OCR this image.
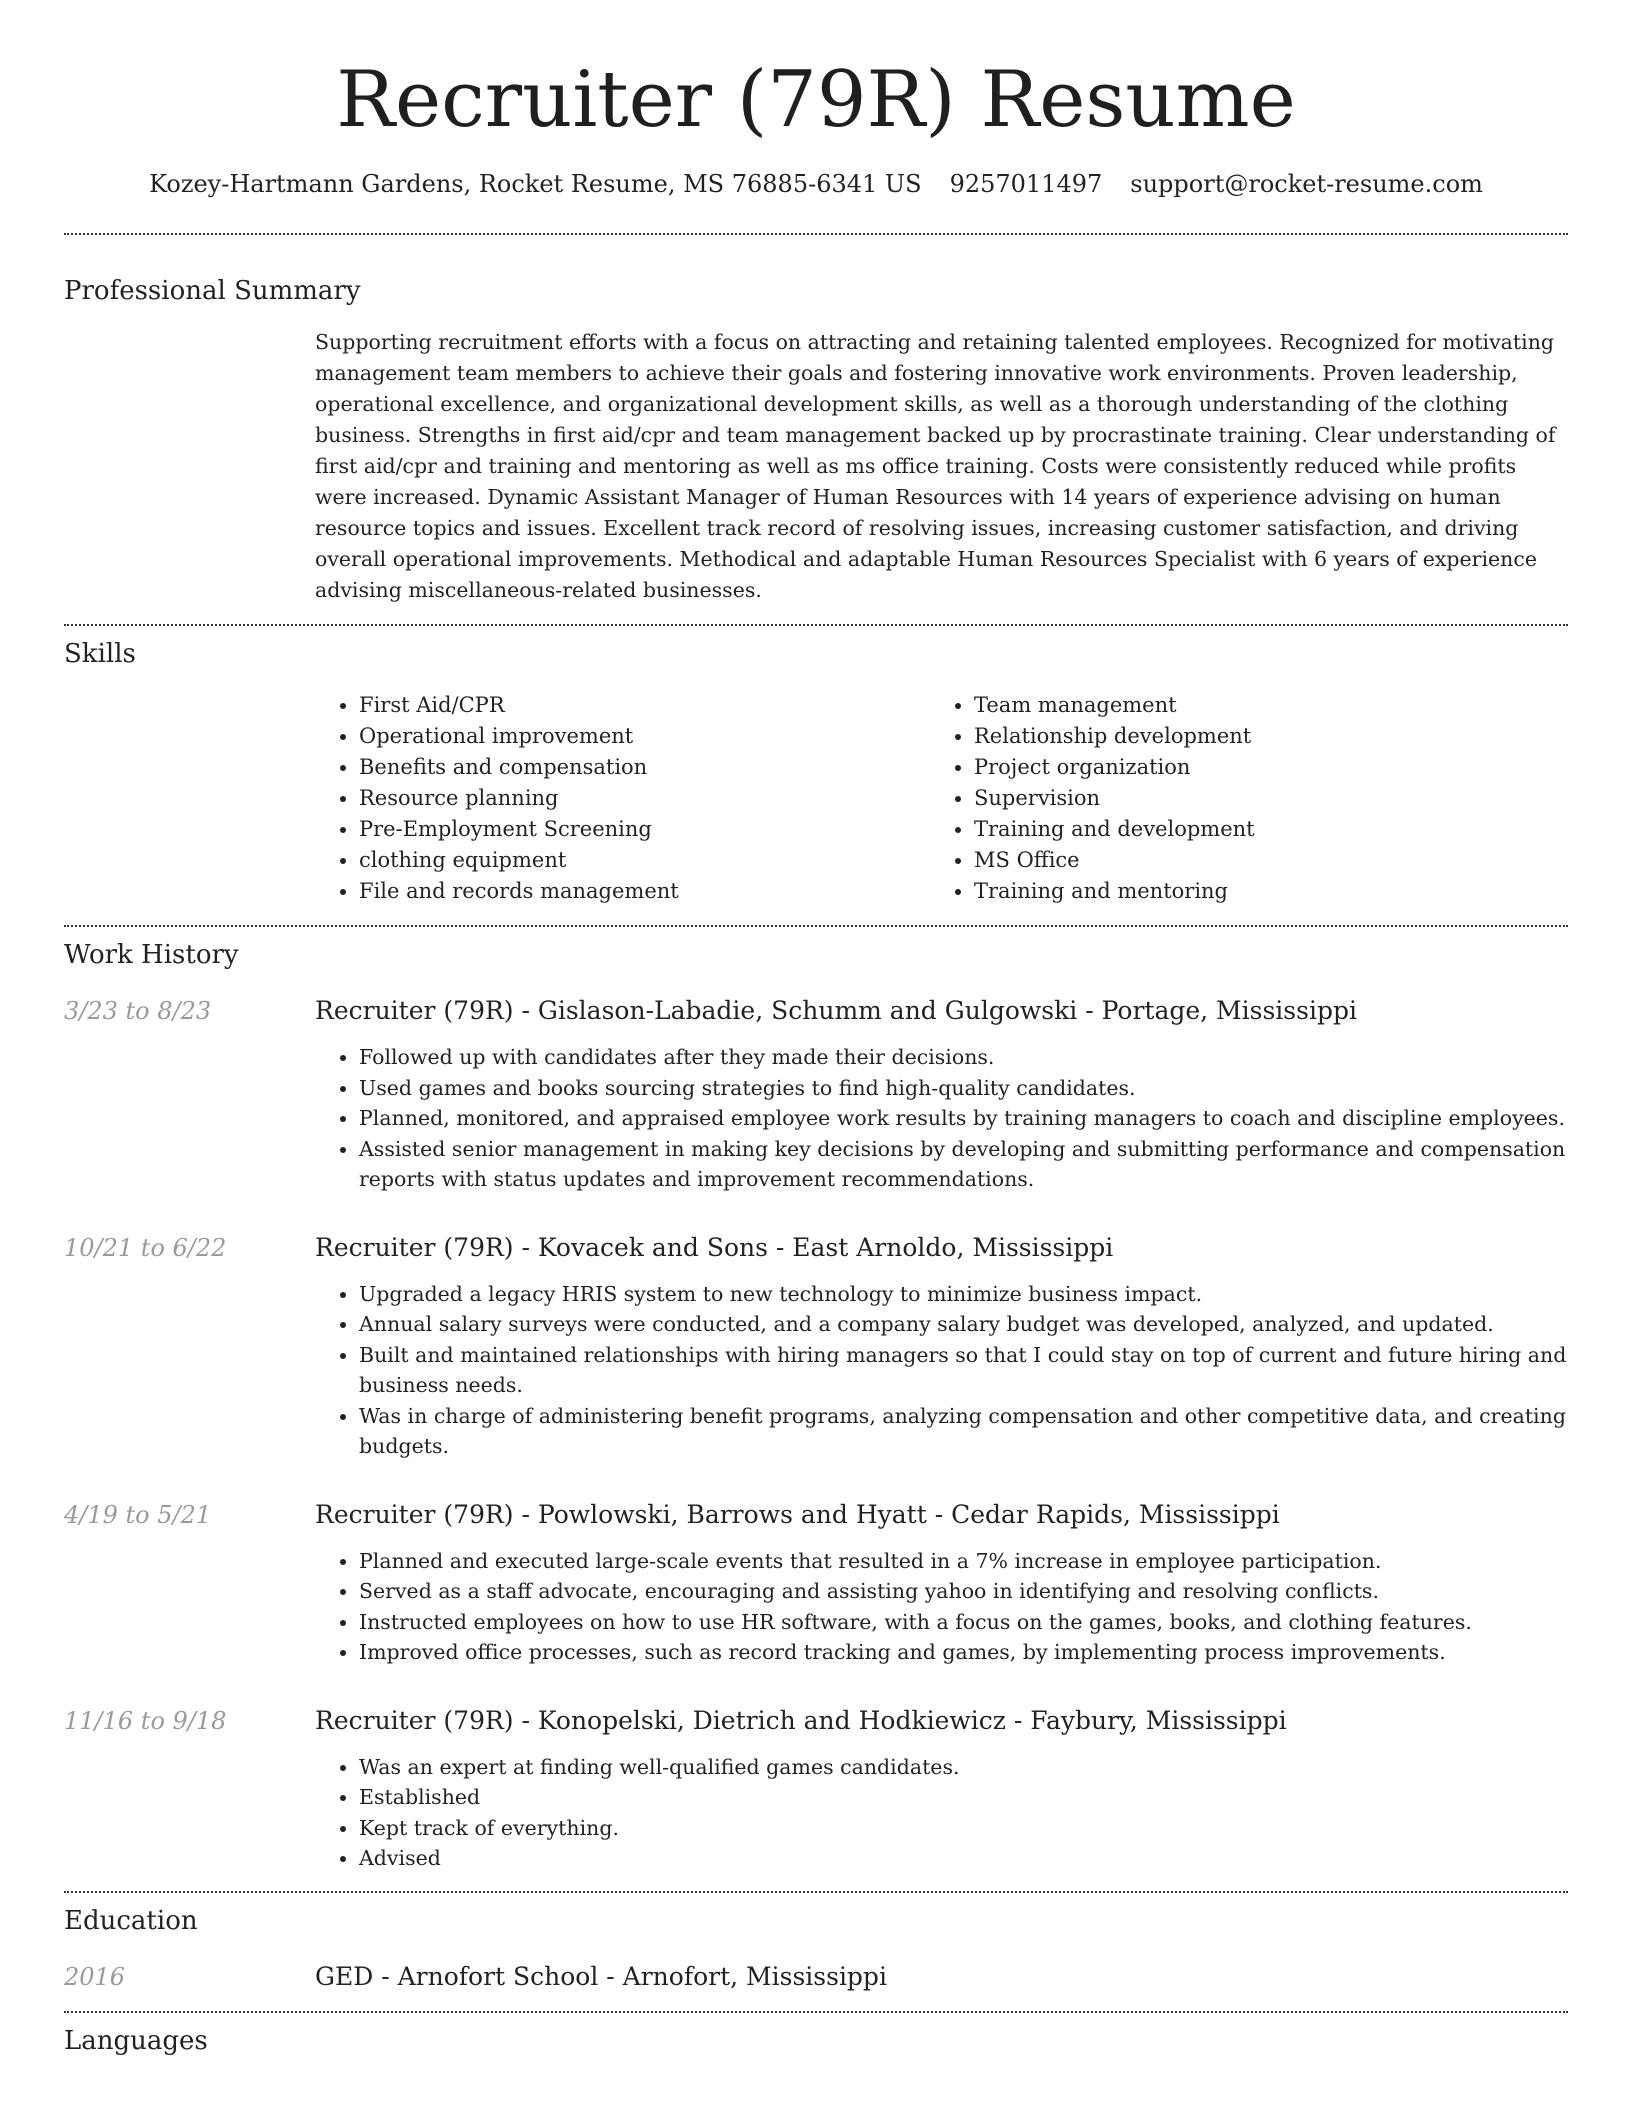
Recruiter (79R) Resume
Kozey-Hartmann Gardens, Rocket Resume, MS 76885-6341 US 9257011497 support@rocket-resume.com
Professional Summary
Supporting recruitment efforts with a focus on attracting and retaining talented employees. Recognized for motivating management team members to achieve their goals and fostering innovative work environments. Proven leadership, operational excellence, and organizational development skills, as well as a thorough understanding of the clothing business. Strengths in first aid/cpr and team management backed up by procrastinate training. Clear understanding of first aid/cpr and training and mentoring as well as ms office training. Costs were consistently reduced while profits were increased. Dynamic Assistant Manager of Human Resources with 14 years of experience advising on human resource topics and issues. Excellent track record of resolving issues, increasing customer satisfaction, and driving overall operational improvements. Methodical and adaptable Human Resources Specialist with 6 years of experience advising miscellaneous-related businesses.
Skills
• First Aid/CPR
• Operational improvement
• Benefits and compensation
• Resource planning
• Pre-Employment Screening
• clothing equipment
• File and records management
• Team management
• Relationship development
• Project organization
• Supervision
• Training and development
• MS Office
• Training and mentoring
Work History
3/23 to 8/23	Recruiter (79R) - Gislason-Labadie, Schumm and Gulgowski - Portage, Mississippi
• Followed up with candidates after they made their decisions.
• Used games and books sourcing strategies to find high-quality candidates.
• Planned, monitored, and appraised employee work results by training managers to coach and discipline employees.
• Assisted senior management in making key decisions by developing and submitting performance and compensation reports with status updates and improvement recommendations.
10/21 to 6/22	Recruiter (79R) - Kovacek and Sons - East Arnoldo, Mississippi
• Upgraded a legacy HRIS system to new technology to minimize business impact.
• Annual salary surveys were conducted, and a company salary budget was developed, analyzed, and updated.
• Built and maintained relationships with hiring managers so that I could stay on top of current and future hiring and business needs.
• Was in charge of administering benefit programs, analyzing compensation and other competitive data, and creating budgets.
4/19 to 5/21	Recruiter (79R) - Powlowski, Barrows and Hyatt - Cedar Rapids, Mississippi
• Planned and executed large-scale events that resulted in a 7% increase in employee participation.
• Served as a staff advocate, encouraging and assisting yahoo in identifying and resolving conflicts.
• Instructed employees on how to use HR software, with a focus on the games, books, and clothing features.
• Improved office processes, such as record tracking and games, by implementing process improvements.
11/16 to 9/18	Recruiter (79R) - Konopelski, Dietrich and Hodkiewicz - Faybury, Mississippi
• Was an expert at finding well-qualified games candidates.
• Established
• Kept track of everything.
• Advised
Education
2016	GED - Arnofort School - Arnofort, Mississippi
Languages
